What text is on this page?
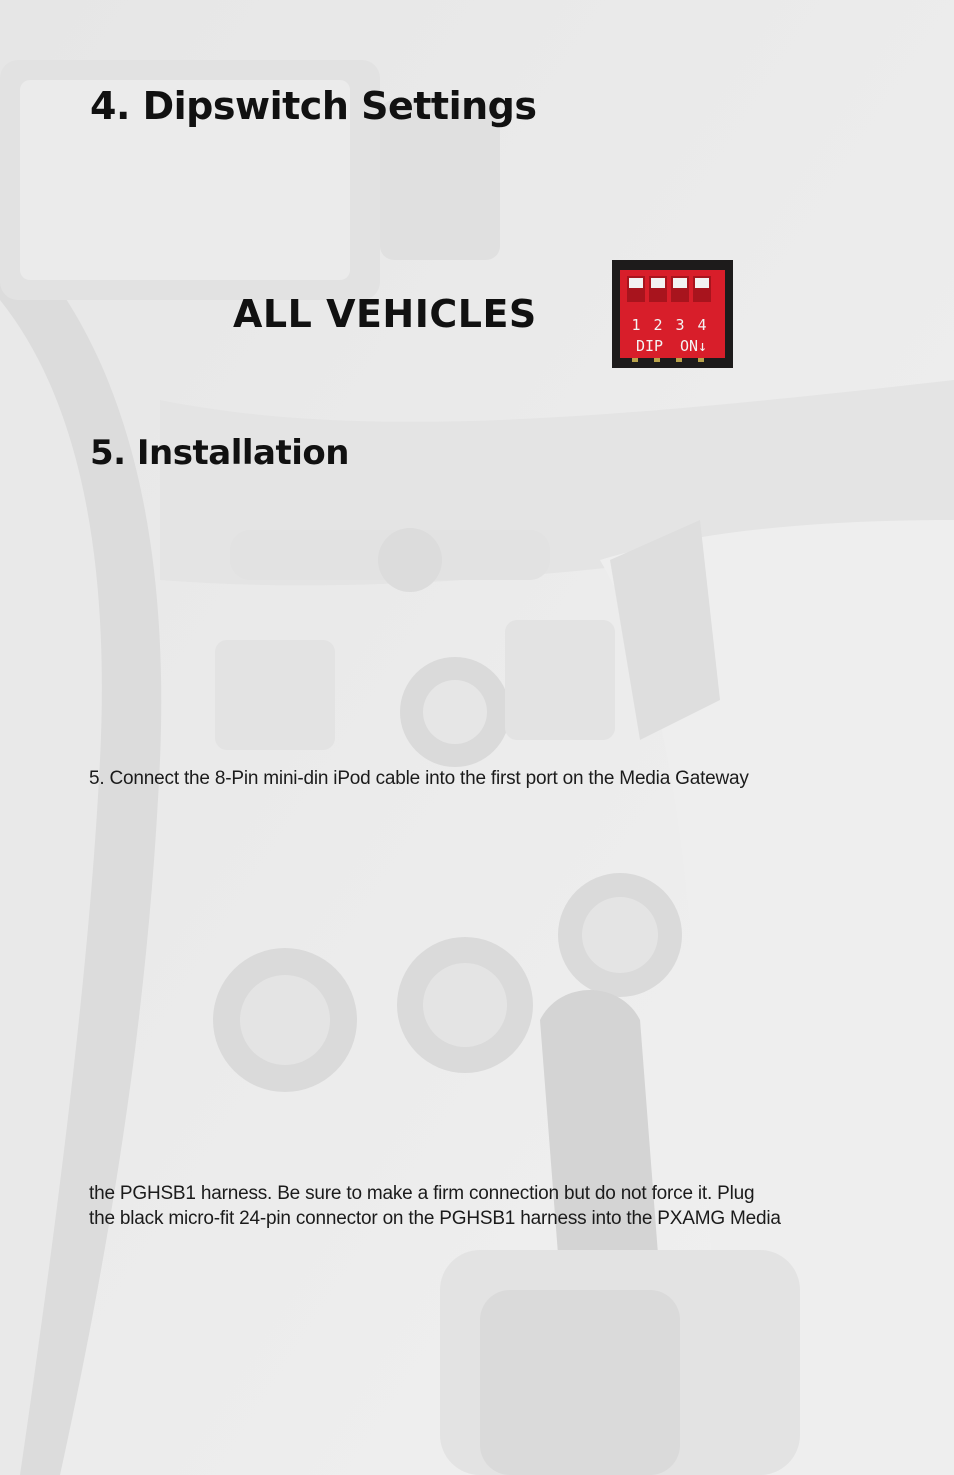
4. Dipswitch Settings
ALL VEHICLES	1 2 3 4
DIP ON↓
5. Installation

5. Connect the 8-Pin mini-din iPod cable into the first port on the Media Gateway

the PGHSB1 harness. Be sure to make a firm connection but do not force it. Plug

the black micro-fit 24-pin connector on the PGHSB1 harness into the PXAMG Media
